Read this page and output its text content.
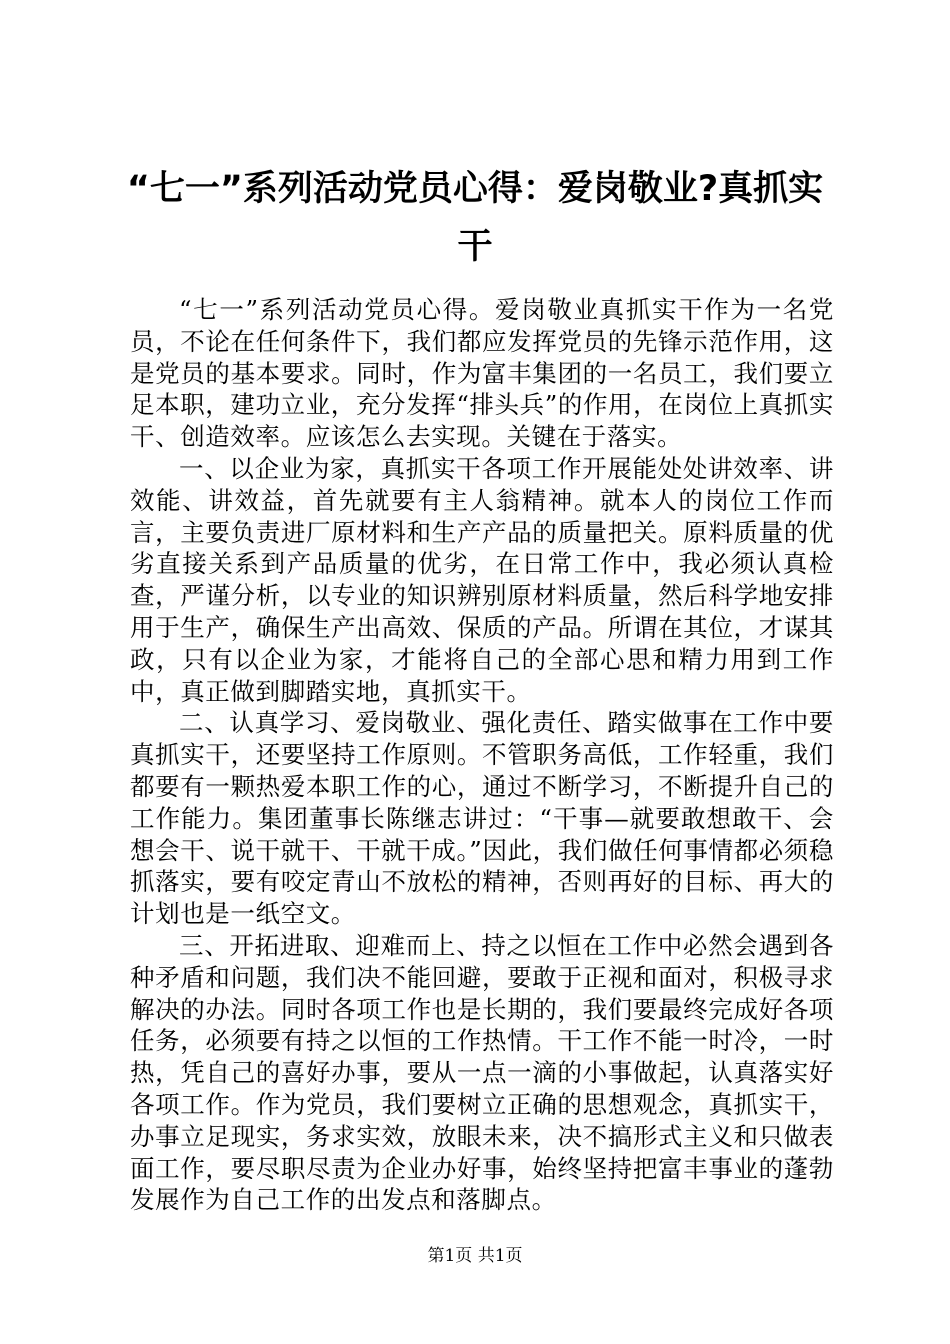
“七一”系列活动党员心得：爱岗敬业?真抓实干

“七一”系列活动党员心得。爱岗敬业真抓实干作为一名党员，不论在任何条件下，我们都应发挥党员的先锋示范作用，这是党员的基本要求。同时，作为富丰集团的一名员工，我们要立足本职，建功立业，充分发挥“排头兵”的作用，在岗位上真抓实干、创造效率。应该怎么去实现。关键在于落实。

一、以企业为家，真抓实干各项工作开展能处处讲效率、讲效能、讲效益，首先就要有主人翁精神。就本人的岗位工作而言，主要负责进厂原材料和生产产品的质量把关。原料质量的优劣直接关系到产品质量的优劣，在日常工作中，我必须认真检查，严谨分析，以专业的知识辨别原材料质量，然后科学地安排用于生产，确保生产出高效、保质的产品。所谓在其位，才谋其政，只有以企业为家，才能将自己的全部心思和精力用到工作中，真正做到脚踏实地，真抓实干。

二、认真学习、爱岗敬业、强化责任、踏实做事在工作中要真抓实干，还要坚持工作原则。不管职务高低，工作轻重，我们都要有一颗热爱本职工作的心，通过不断学习，不断提升自己的工作能力。集团董事长陈继志讲过：“干事—就要敢想敢干、会想会干、说干就干、干就干成。”因此，我们做任何事情都必须稳抓落实，要有咬定青山不放松的精神，否则再好的目标、再大的计划也是一纸空文。

三、开拓进取、迎难而上、持之以恒在工作中必然会遇到各种矛盾和问题，我们决不能回避，要敢于正视和面对，积极寻求解决的办法。同时各项工作也是长期的，我们要最终完成好各项任务，必须要有持之以恒的工作热情。干工作不能一时冷，一时热，凭自己的喜好办事，要从一点一滴的小事做起，认真落实好各项工作。作为党员，我们要树立正确的思想观念，真抓实干，办事立足现实，务求实效，放眼未来，决不搞形式主义和只做表面工作，要尽职尽责为企业办好事，始终坚持把富丰事业的蓬勃发展作为自己工作的出发点和落脚点。

第1页 共1页
